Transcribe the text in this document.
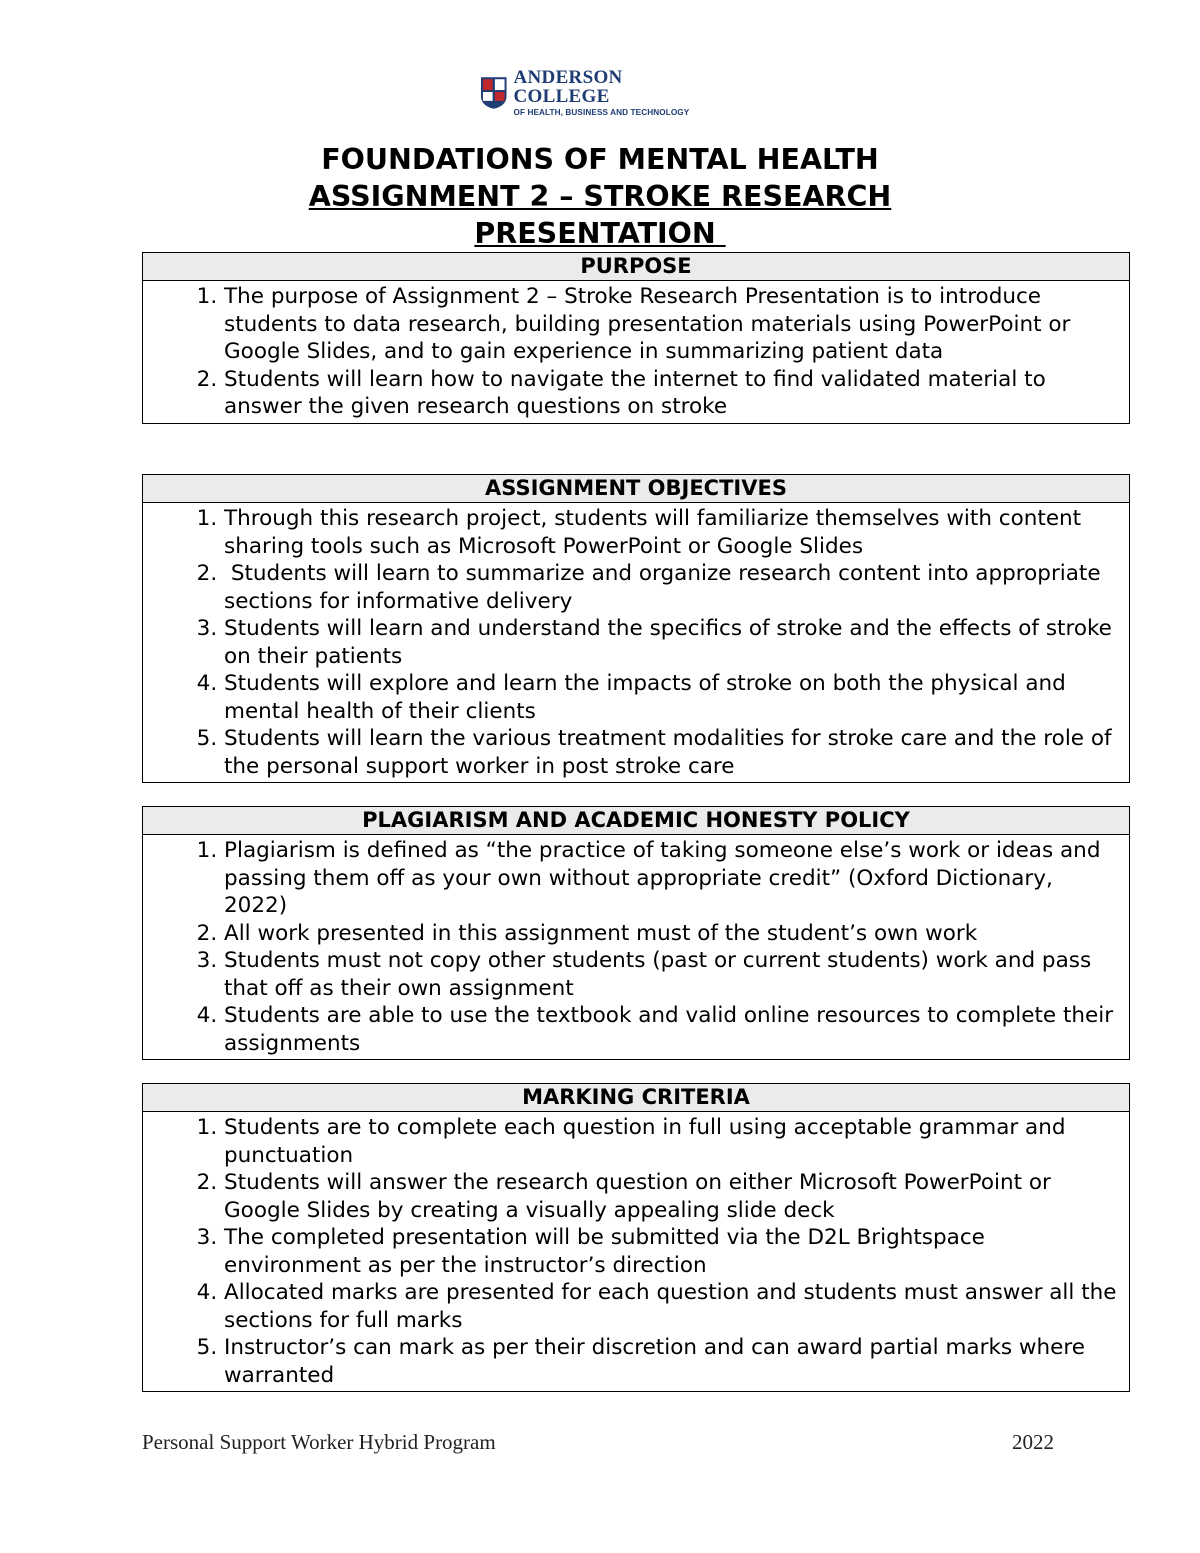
ANDERSON COLLEGE
OF HEALTH, BUSINESS AND TECHNOLOGY
FOUNDATIONS OF MENTAL HEALTH
ASSIGNMENT 2 – STROKE RESEARCH
PRESENTATION
PURPOSE
1. The purpose of Assignment 2 – Stroke Research Presentation is to introduce students to data research, building presentation materials using PowerPoint or Google Slides, and to gain experience in summarizing patient data
2. Students will learn how to navigate the internet to find validated material to answer the given research questions on stroke
ASSIGNMENT OBJECTIVES
1. Through this research project, students will familiarize themselves with content sharing tools such as Microsoft PowerPoint or Google Slides
2.  Students will learn to summarize and organize research content into appropriate sections for informative delivery
3. Students will learn and understand the specifics of stroke and the effects of stroke on their patients
4. Students will explore and learn the impacts of stroke on both the physical and mental health of their clients
5. Students will learn the various treatment modalities for stroke care and the role of the personal support worker in post stroke care
PLAGIARISM AND ACADEMIC HONESTY POLICY
1. Plagiarism is defined as “the practice of taking someone else’s work or ideas and passing them off as your own without appropriate credit” (Oxford Dictionary, 2022)
2. All work presented in this assignment must of the student’s own work
3. Students must not copy other students (past or current students) work and pass that off as their own assignment
4. Students are able to use the textbook and valid online resources to complete their assignments
MARKING CRITERIA
1. Students are to complete each question in full using acceptable grammar and punctuation
2. Students will answer the research question on either Microsoft PowerPoint or Google Slides by creating a visually appealing slide deck
3. The completed presentation will be submitted via the D2L Brightspace environment as per the instructor’s direction
4. Allocated marks are presented for each question and students must answer all the sections for full marks
5. Instructor’s can mark as per their discretion and can award partial marks where warranted
Personal Support Worker Hybrid Program	2022
